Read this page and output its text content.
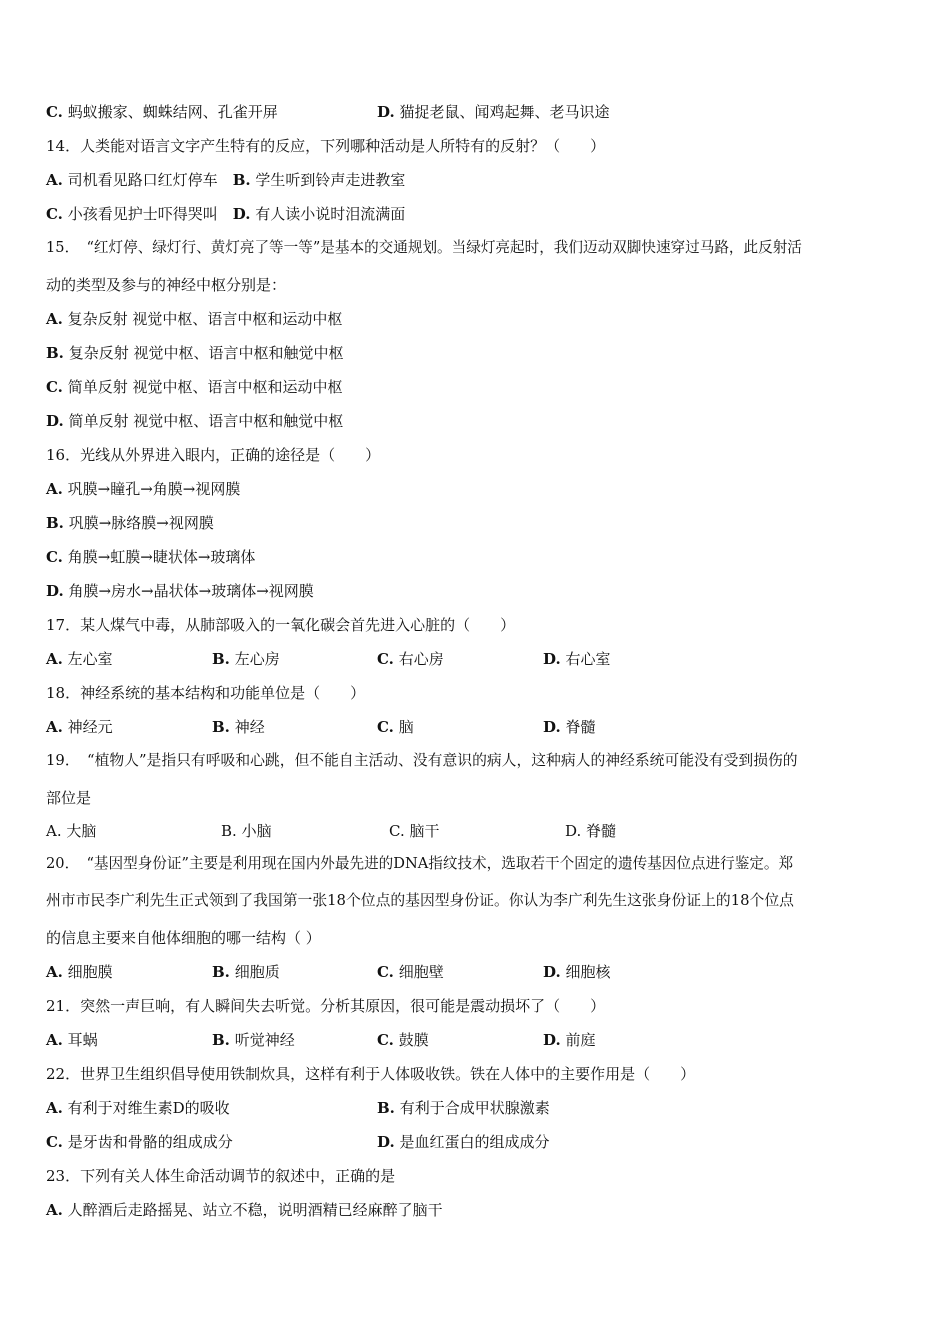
C. 蚂蚁搬家、蜘蛛结网、孔雀开屏	D. 猫捉老鼠、闻鸡起舞、老马识途
14．人类能对语言文字产生特有的反应，下列哪种活动是人所特有的反射？（　　）
A. 司机看见路口红灯停车　 B. 学生听到铃声走进教室
C. 小孩看见护士吓得哭叫　 D. 有人读小说时泪流满面
15．　“红灯停、绿灯行、黄灯亮了等一等”是基本的交通规划。当绿灯亮起时，我们迈动双脚快速穿过马路，此反射活
动的类型及参与的神经中枢分别是：
A. 复杂反射 视觉中枢、语言中枢和运动中枢
B. 复杂反射 视觉中枢、语言中枢和触觉中枢
C. 简单反射 视觉中枢、语言中枢和运动中枢
D. 简单反射 视觉中枢、语言中枢和触觉中枢
16．光线从外界进入眼内，正确的途径是（　　）
A. 巩膜→瞳孔→角膜→视网膜
B. 巩膜→脉络膜→视网膜
C. 角膜→虹膜→睫状体→玻璃体
D. 角膜→房水→晶状体→玻璃体→视网膜
17．某人煤气中毒，从肺部吸入的一氧化碳会首先进入心脏的（　　）
A. 左心室	B. 左心房	C. 右心房	D. 右心室
18．神经系统的基本结构和功能单位是（　　）
A. 神经元	B. 神经	C. 脑	D. 脊髓
19．　“植物人”是指只有呼吸和心跳，但不能自主活动、没有意识的病人，这种病人的神经系统可能没有受到损伤的
部位是
A. 大脑	B. 小脑	C. 脑干	D. 脊髓
20．　“基因型身份证”主要是利用现在国内外最先进的DNA指纹技术，选取若干个固定的遗传基因位点进行鉴定。郑
州市市民李广利先生正式领到了我国第一张18个位点的基因型身份证。你认为李广利先生这张身份证上的18个位点
的信息主要来自他体细胞的哪一结构（ ）
A. 细胞膜	B. 细胞质	C. 细胞壁	D. 细胞核
21．突然一声巨响，有人瞬间失去听觉。分析其原因，很可能是震动损坏了（　　）
A. 耳蜗	B. 听觉神经	C. 鼓膜	D. 前庭
22．世界卫生组织倡导使用铁制炊具，这样有利于人体吸收铁。铁在人体中的主要作用是（　　）
A. 有利于对维生素D的吸收	B. 有利于合成甲状腺激素
C. 是牙齿和骨骼的组成成分	D. 是血红蛋白的组成成分
23．下列有关人体生命活动调节的叙述中，正确的是
A. 人醉酒后走路摇晃、站立不稳，说明酒精已经麻醉了脑干
